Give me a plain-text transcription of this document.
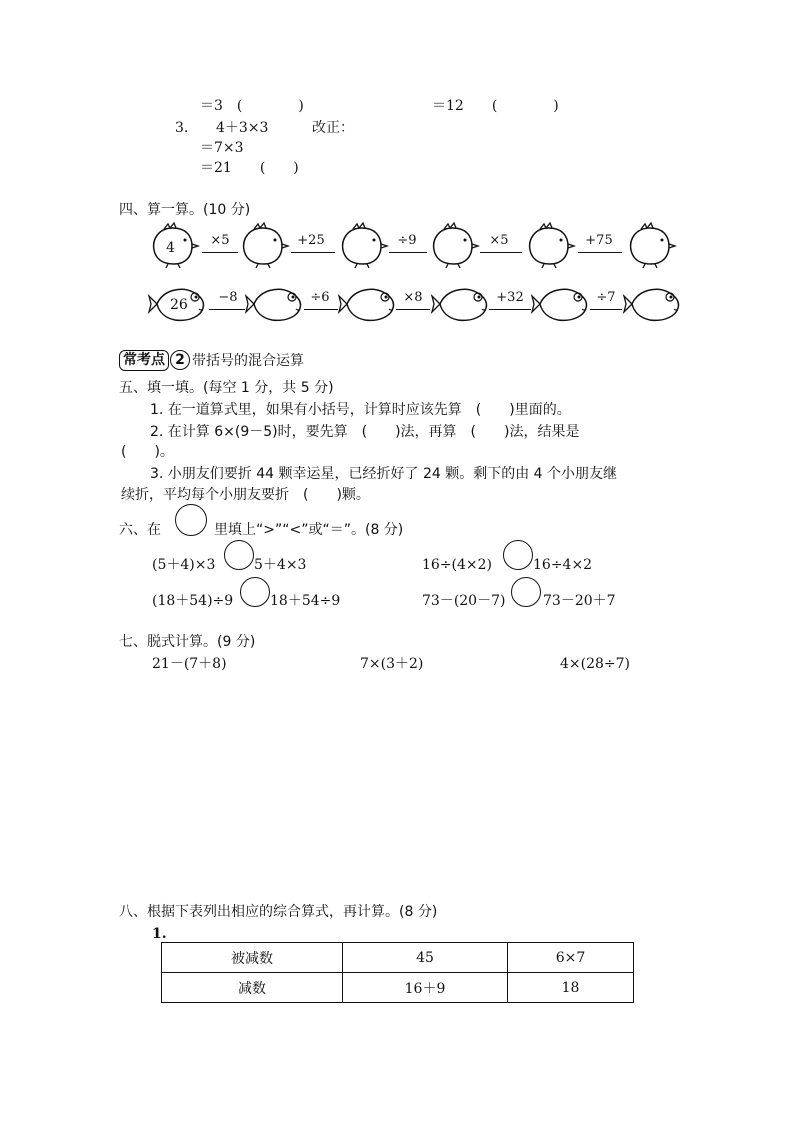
＝3　(　　　　)	＝12　　(　　　　)
3. 4＋3×3	改正：
＝7×3
＝21　　(　　)
四、算一算。(10 分)
4	×5	+25	÷9	×5	+75
26	−8	÷6	×8	+32	÷7
常考点 2 带括号的混合运算
五、填一填。(每空 1 分，共 5 分)
1. 在一道算式里，如果有小括号，计算时应该先算　(　　)里面的。
2. 在计算 6×(9－5)时，要先算　(　　)法，再算　(　　)法，结果是
(　　)。
3. 小朋友们要折 44 颗幸运星，已经折好了 24 颗。剩下的由 4 个小朋友继
续折，平均每个小朋友要折　(　　)颗。
六、在	里填上“>”“<”或“＝”。(8 分)
(5＋4)×3	5＋4×3	16÷(4×2)	16÷4×2
(18＋54)÷9	18＋54÷9	73－(20－7)	73－20＋7
七、脱式计算。(9 分)
21－(7＋8)	7×(3＋2)	4×(28÷7)
八、根据下表列出相应的综合算式，再计算。(8 分)
1.
被减数	45	6×7
减数	16＋9	18
